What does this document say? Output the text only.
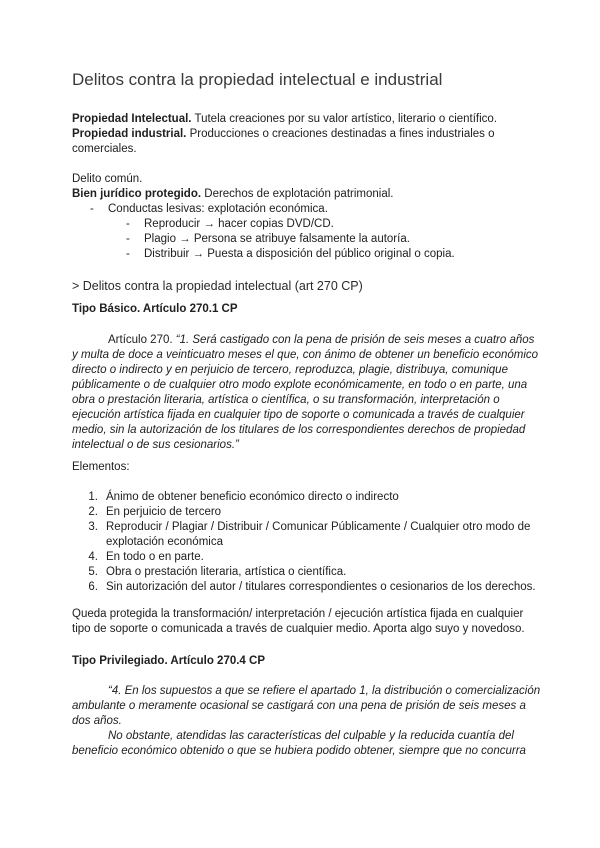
Delitos contra la propiedad intelectual e industrial
Propiedad Intelectual. Tutela creaciones por su valor artístico, literario o científico.
Propiedad industrial. Producciones o creaciones destinadas a fines industriales o
comerciales.
Delito común.
Bien jurídico protegido. Derechos de explotación patrimonial.
- Conductas lesivas: explotación económica.
- Reproducir → hacer copias DVD/CD.
- Plagio → Persona se atribuye falsamente la autoría.
- Distribuir → Puesta a disposición del público original o copia.
> Delitos contra la propiedad intelectual (art 270 CP)
Tipo Básico. Artículo 270.1 CP
Artículo 270. “1. Será castigado con la pena de prisión de seis meses a cuatro años
y multa de doce a veinticuatro meses el que, con ánimo de obtener un beneficio económico
directo o indirecto y en perjuicio de tercero, reproduzca, plagie, distribuya, comunique
públicamente o de cualquier otro modo explote económicamente, en todo o en parte, una
obra o prestación literaria, artística o científica, o su transformación, interpretación o
ejecución artística fijada en cualquier tipo de soporte o comunicada a través de cualquier
medio, sin la autorización de los titulares de los correspondientes derechos de propiedad
intelectual o de sus cesionarios.”
Elementos:
1. Ánimo de obtener beneficio económico directo o indirecto
2. En perjuicio de tercero
3. Reproducir / Plagiar / Distribuir / Comunicar Públicamente / Cualquier otro modo de
explotación económica
4. En todo o en parte.
5. Obra o prestación literaria, artística o científica.
6. Sin autorización del autor / titulares correspondientes o cesionarios de los derechos.
Queda protegida la transformación/ interpretación / ejecución artística fijada en cualquier
tipo de soporte o comunicada a través de cualquier medio. Aporta algo suyo y novedoso.
Tipo Privilegiado. Artículo 270.4 CP
“4. En los supuestos a que se refiere el apartado 1, la distribución o comercialización
ambulante o meramente ocasional se castigará con una pena de prisión de seis meses a
dos años.
No obstante, atendidas las características del culpable y la reducida cuantía del
beneficio económico obtenido o que se hubiera podido obtener, siempre que no concurra
